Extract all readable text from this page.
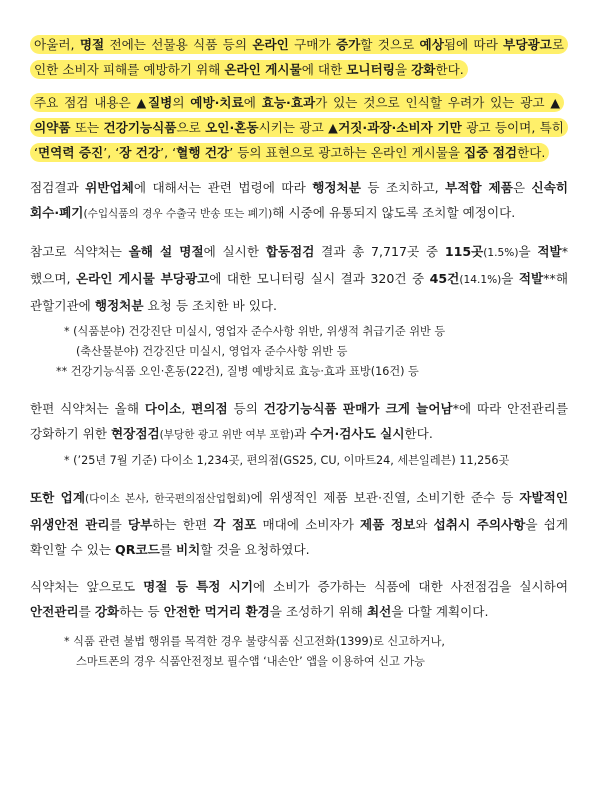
아울러, 명절 전에는 선물용 식품 등의 온라인 구매가 증가할 것으로 예상됨에 따라 부당광고로 인한 소비자 피해를 예방하기 위해 온라인 게시물에 대한 모니터링을 강화한다.

주요 점검 내용은 ▲질병의 예방·치료에 효능·효과가 있는 것으로 인식할 우려가 있는 광고 ▲의약품 또는 건강기능식품으로 오인·혼동시키는 광고 ▲거짓·과장·소비자 기만 광고 등이며, 특히 ‘면역력 증진’, ‘장 건강’, ‘혈행 건강’ 등의 표현으로 광고하는 온라인 게시물을 집중 점검한다.

점검결과 위반업체에 대해서는 관련 법령에 따라 행정처분 등 조치하고, 부적합 제품은 신속히 회수·폐기(수입식품의 경우 수출국 반송 또는 폐기)해 시중에 유통되지 않도록 조치할 예정이다.

참고로 식약처는 올해 설 명절에 실시한 합동점검 결과 총 7,717곳 중 115곳(1.5%)을 적발*했으며, 온라인 게시물 부당광고에 대한 모니터링 실시 결과 320건 중 45건(14.1%)을 적발**해 관할기관에 행정처분 요청 등 조치한 바 있다.

* (식품분야) 건강진단 미실시, 영업자 준수사항 위반, 위생적 취급기준 위반 등

(축산물분야) 건강진단 미실시, 영업자 준수사항 위반 등

** 건강기능식품 오인·혼동(22건), 질병 예방치료 효능·효과 표방(16건) 등

한편 식약처는 올해 다이소, 편의점 등의 건강기능식품 판매가 크게 늘어남*에 따라 안전관리를 강화하기 위한 현장점검(부당한 광고 위반 여부 포함)과 수거·검사도 실시한다.

* (’25년 7월 기준) 다이소 1,234곳, 편의점(GS25, CU, 이마트24, 세븐일레븐) 11,256곳

또한 업계(다이소 본사, 한국편의점산업협회)에 위생적인 제품 보관·진열, 소비기한 준수 등 자발적인 위생안전 관리를 당부하는 한편 각 점포 매대에 소비자가 제품 정보와 섭취시 주의사항을 쉽게 확인할 수 있는 QR코드를 비치할 것을 요청하였다.

식약처는 앞으로도 명절 등 특정 시기에 소비가 증가하는 식품에 대한 사전점검을 실시하여 안전관리를 강화하는 등 안전한 먹거리 환경을 조성하기 위해 최선을 다할 계획이다.

* 식품 관련 불법 행위를 목격한 경우 불량식품 신고전화(1399)로 신고하거나,

스마트폰의 경우 식품안전정보 필수앱 ‘내손안’ 앱을 이용하여 신고 가능
